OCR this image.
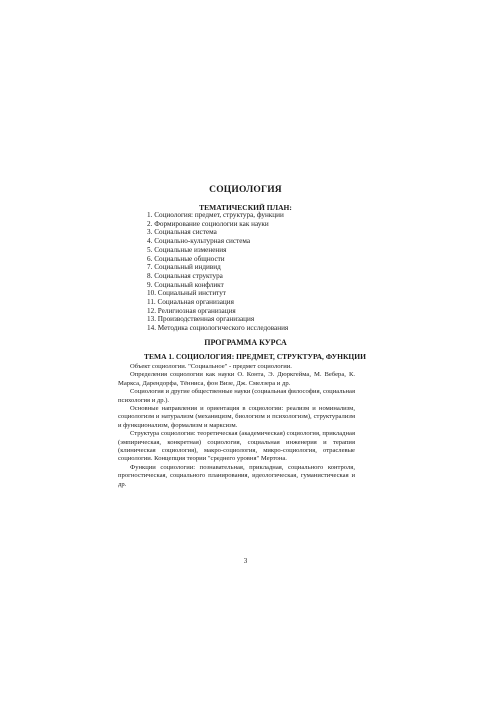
СОЦИОЛОГИЯ
ТЕМАТИЧЕСКИЙ ПЛАН:
1. Социология: предмет, структура, функции
2. Формирование социологии как науки
3. Социальная система
4. Социально-культурная система
5. Социальные изменения
6. Социальные общности
7. Социальный индивид
8. Социальная структура
9. Социальный конфликт
10. Социальный институт
11. Социальная организация
12. Религиозная организация
13. Производственная организация
14. Методика социологического исследования
ПРОГРАММА КУРСА
ТЕМА 1. СОЦИОЛОГИЯ: ПРЕДМЕТ, СТРУКТУРА, ФУНКЦИИ

Объект социологии. "Социальное" - предмет социологии.

Определения социологии как науки О. Конта, Э. Дюркгейма, М. Вебера, К. Маркса, Дарендорфа, Тённиса, фон Визе, Дж. Смелзера и др.

Социология и другие общественные науки (социальная философия, социальная психология и др.).

Основные направления и ориентация в социологии: реализм и номинализм, социологизм и натурализм (механицизм, биологизм и психологизм), структурализм и функционализм, формализм и марксизм.

Структура социологии: теоретическая (академическая) социология, прикладная (эмпирическая, конкретная) социология, социальная инженерия и терапия (клиническая социология), макро-социология, микро-социология, отраслевые социологии. Концепция теории "среднего уровня" Мертона.

Функции социологии: познавательная, прикладная, социального контроля, прогностическая, социального планирования, идеологическая, гуманистическая и др.

3
